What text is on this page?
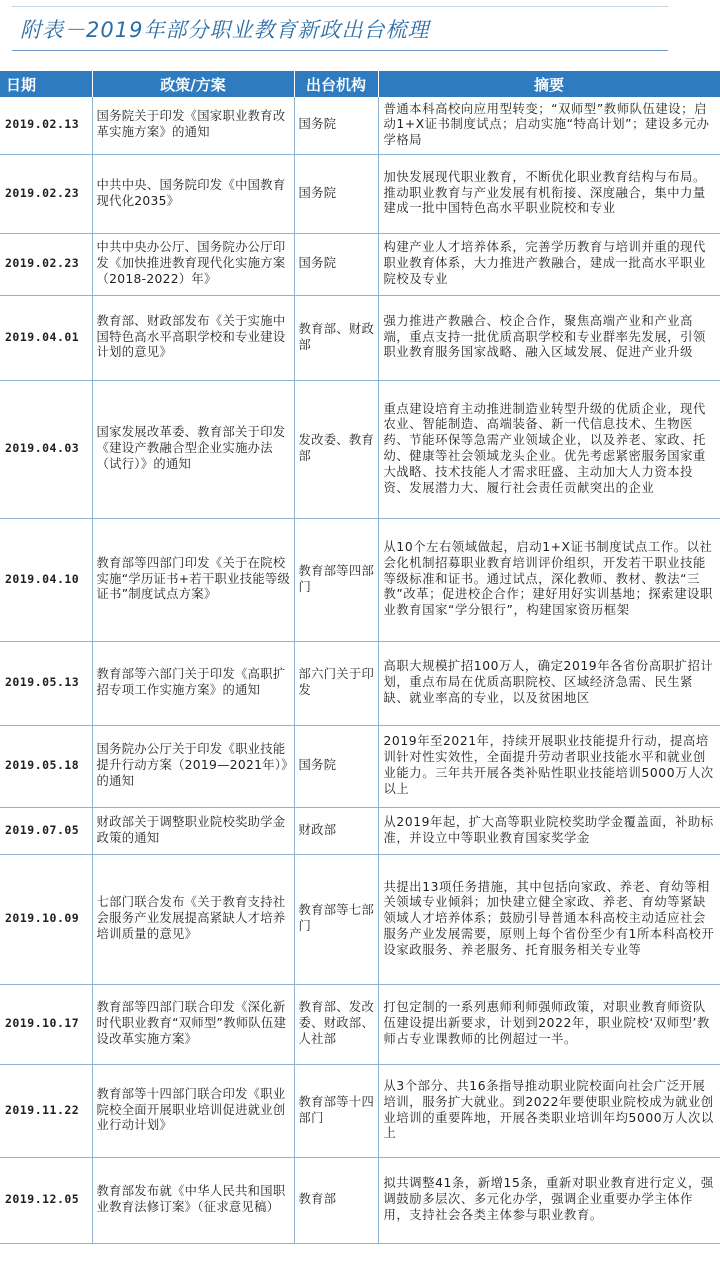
附表－2019年部分职业教育新政出台梳理
日期	政策/方案	出台机构	摘要
2019.02.13	国务院关于印发《国家职业教育改革实施方案》的通知	国务院	普通本科高校向应用型转变；“双师型”教师队伍建设；启动1+X证书制度试点；启动实施“特高计划”；建设多元办学格局
2019.02.23	中共中央、国务院印发《中国教育现代化2035》	国务院	加快发展现代职业教育，不断优化职业教育结构与布局。推动职业教育与产业发展有机衔接、深度融合，集中力量建成一批中国特色高水平职业院校和专业
2019.02.23	中共中央办公厅、国务院办公厅印发《加快推进教育现代化实施方案（2018-2022）年》	国务院	构建产业人才培养体系，完善学历教育与培训并重的现代职业教育体系，大力推进产教融合，建成一批高水平职业院校及专业
2019.04.01	教育部、财政部发布《关于实施中国特色高水平高职学校和专业建设计划的意见》	教育部、财政部	强力推进产教融合、校企合作，聚焦高端产业和产业高端，重点支持一批优质高职学校和专业群率先发展，引领职业教育服务国家战略、融入区域发展、促进产业升级
2019.04.03	国家发展改革委、教育部关于印发《建设产教融合型企业实施办法（试行）》的通知	发改委、教育部	重点建设培育主动推进制造业转型升级的优质企业，现代农业、智能制造、高端装备、新一代信息技术、生物医药、节能环保等急需产业领域企业，以及养老、家政、托幼、健康等社会领域龙头企业。优先考虑紧密服务国家重大战略、技术技能人才需求旺盛、主动加大人力资本投资、发展潜力大、履行社会责任贡献突出的企业
2019.04.10	教育部等四部门印发《关于在院校实施“学历证书+若干职业技能等级证书”制度试点方案》	教育部等四部门	从10个左右领域做起，启动1+X证书制度试点工作。以社会化机制招募职业教育培训评价组织，开发若干职业技能等级标准和证书。通过试点，深化教师、教材、教法“三教”改革；促进校企合作；建好用好实训基地；探索建设职业教育国家“学分银行”，构建国家资历框架
2019.05.13	教育部等六部门关于印发《高职扩招专项工作实施方案》的通知	部六门关于印发	高职大规模扩招100万人，确定2019年各省份高职扩招计划，重点布局在优质高职院校、区域经济急需、民生紧缺、就业率高的专业，以及贫困地区
2019.05.18	国务院办公厅关于印发《职业技能提升行动方案（2019—2021年）》的通知	国务院	2019年至2021年，持续开展职业技能提升行动，提高培训针对性实效性，全面提升劳动者职业技能水平和就业创业能力。三年共开展各类补贴性职业技能培训5000万人次以上
2019.07.05	财政部关于调整职业院校奖助学金政策的通知	财政部	从2019年起，扩大高等职业院校奖助学金覆盖面，补助标准，并设立中等职业教育国家奖学金
2019.10.09	七部门联合发布《关于教育支持社会服务产业发展提高紧缺人才培养培训质量的意见》	教育部等七部门	共提出13项任务措施，其中包括向家政、养老、育幼等相关领域专业倾斜；加快建立健全家政、养老、育幼等紧缺领域人才培养体系；鼓励引导普通本科高校主动适应社会服务产业发展需要，原则上每个省份至少有1所本科高校开设家政服务、养老服务、托育服务相关专业等
2019.10.17	教育部等四部门联合印发《深化新时代职业教育“双师型”教师队伍建设改革实施方案》	教育部、发改委、财政部、人社部	打包定制的一系列惠师利师强师政策，对职业教育师资队伍建设提出新要求，计划到2022年，职业院校‘双师型’教师占专业课教师的比例超过一半。
2019.11.22	教育部等十四部门联合印发《职业院校全面开展职业培训促进就业创业行动计划》	教育部等十四部门	从3个部分、共16条指导推动职业院校面向社会广泛开展培训，服务扩大就业。到2022年要使职业院校成为就业创业培训的重要阵地，开展各类职业培训年均5000万人次以上
2019.12.05	教育部发布就《中华人民共和国职业教育法修订案》（征求意见稿）	教育部	拟共调整41条，新增15条，重新对职业教育进行定义，强调鼓励多层次、多元化办学，强调企业重要办学主体作用，支持社会各类主体参与职业教育。
